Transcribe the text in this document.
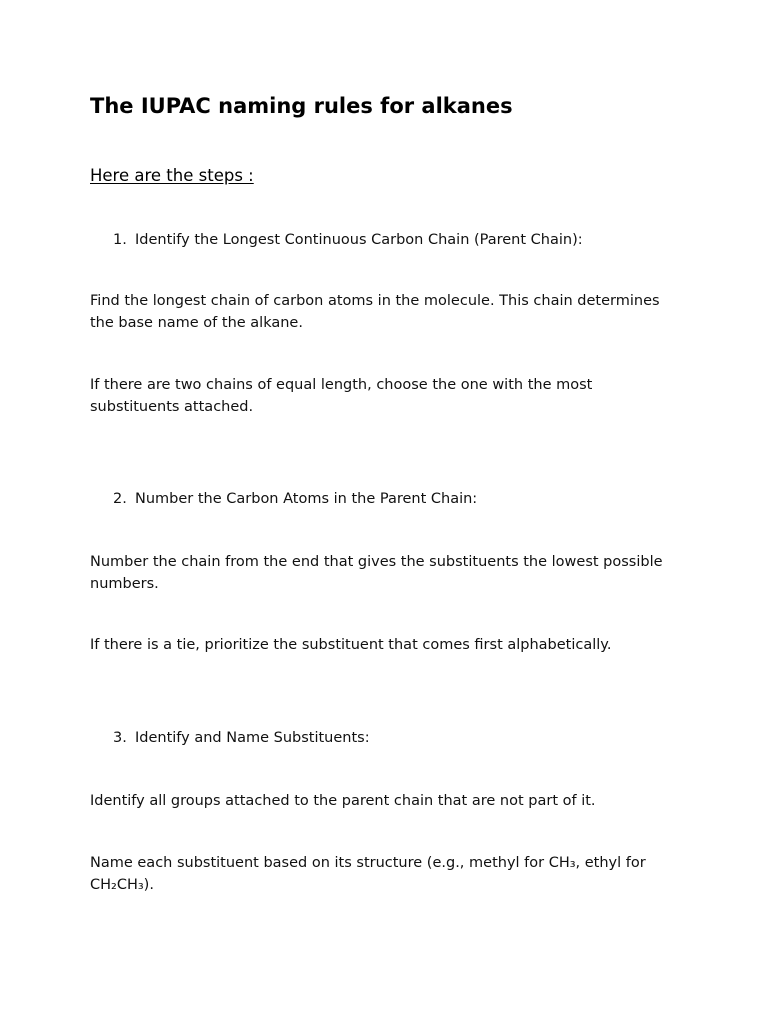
The IUPAC naming rules for alkanes

Here are the steps :

1. Identify the Longest Continuous Carbon Chain (Parent Chain):

Find the longest chain of carbon atoms in the molecule. This chain determines the base name of the alkane.

If there are two chains of equal length, choose the one with the most substituents attached.

2. Number the Carbon Atoms in the Parent Chain:

Number the chain from the end that gives the substituents the lowest possible numbers.

If there is a tie, prioritize the substituent that comes first alphabetically.

3. Identify and Name Substituents:

Identify all groups attached to the parent chain that are not part of it.

Name each substituent based on its structure (e.g., methyl for CH₃, ethyl for CH₂CH₃).
